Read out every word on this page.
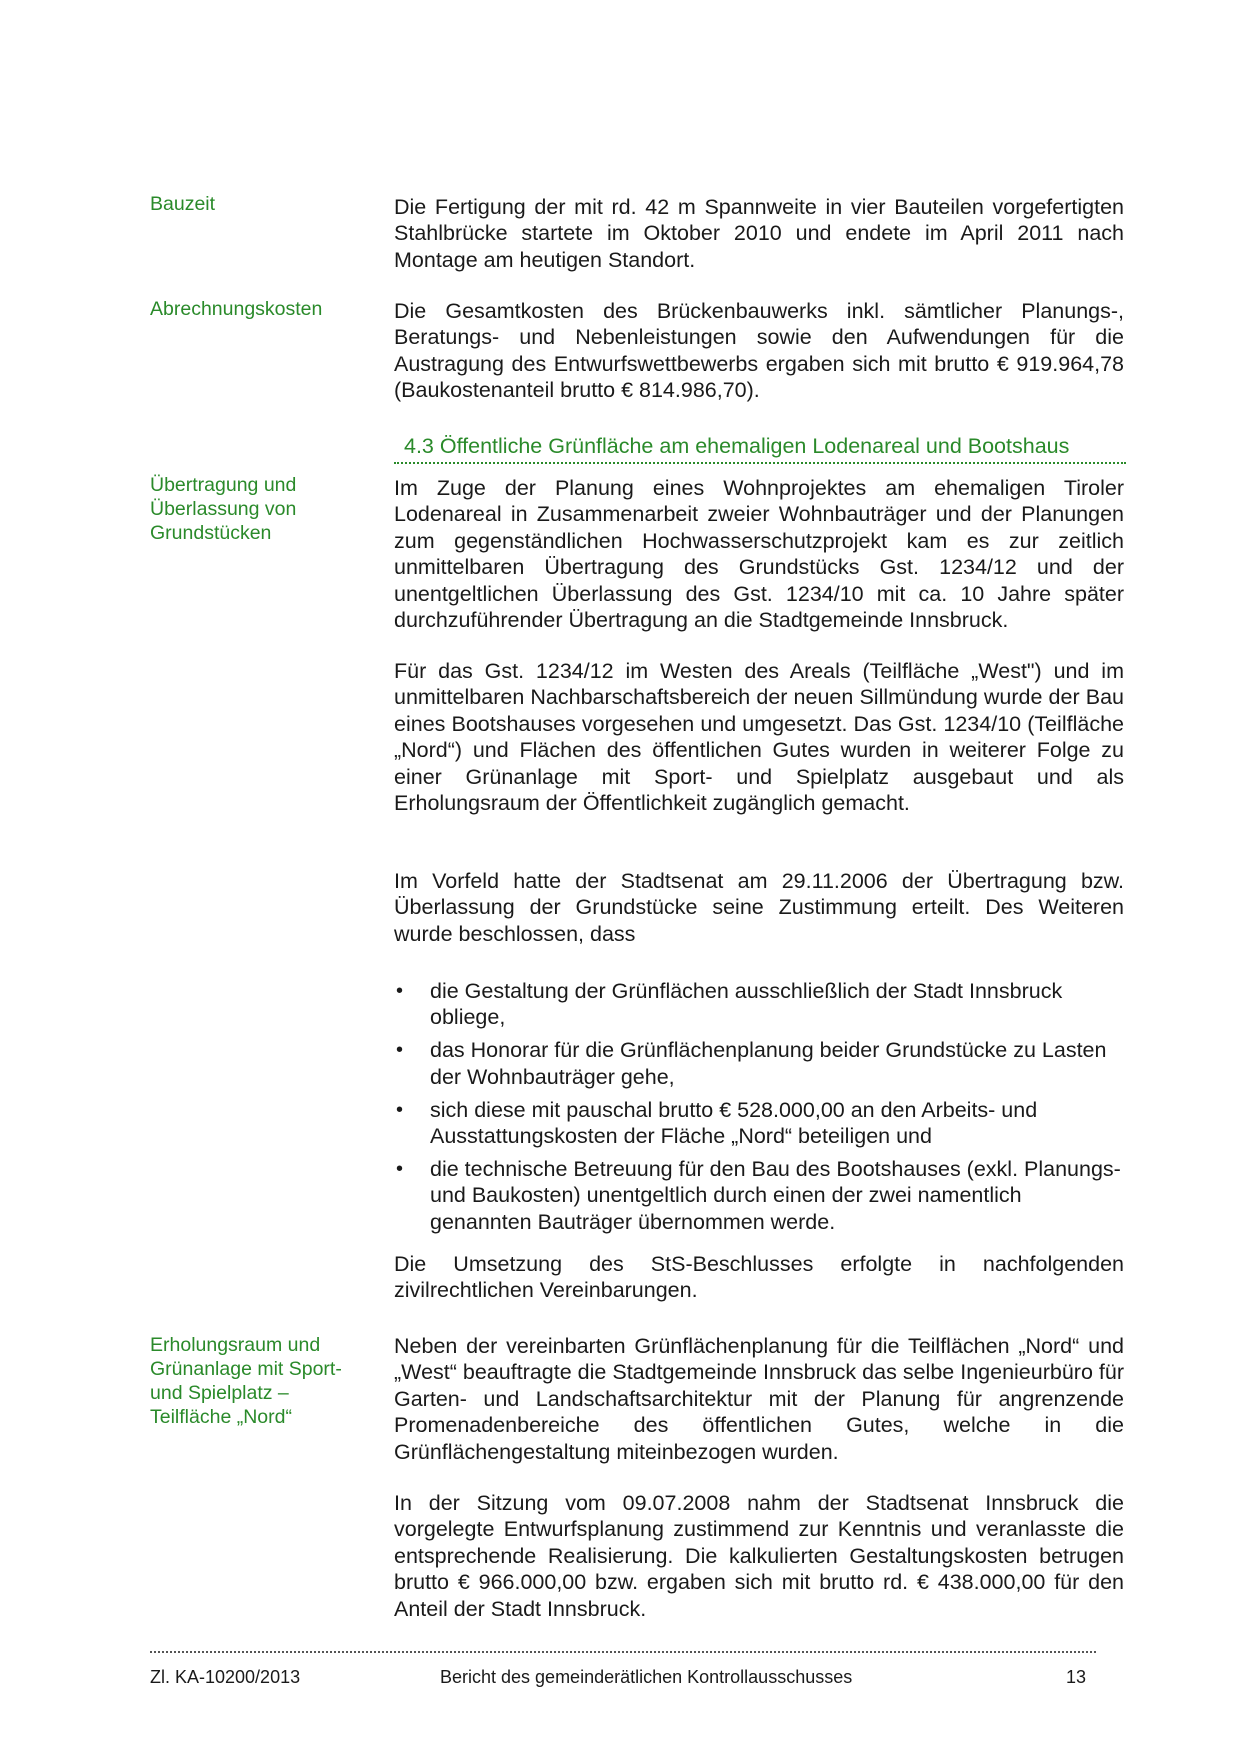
Bauzeit
Abrechnungskosten
Übertragung und
Überlassung von
Grundstücken
Erholungsraum und
Grünanlage mit Sport-
und Spielplatz –
Teilfläche „Nord“

Die Fertigung der mit rd. 42 m Spannweite in vier Bauteilen vorgefertigten Stahlbrücke startete im Oktober 2010 und endete im April 2011 nach Montage am heutigen Standort.

Die Gesamtkosten des Brückenbauwerks inkl. sämtlicher Planungs-, Beratungs- und Nebenleistungen sowie den Aufwendungen für die Austragung des Entwurfswettbewerbs ergaben sich mit brutto € 919.964,78 (Baukostenanteil brutto € 814.986,70).

4.3 Öffentliche Grünfläche am ehemaligen Lodenareal und Bootshaus

Im Zuge der Planung eines Wohnprojektes am ehemaligen Tiroler Lodenareal in Zusammenarbeit zweier Wohnbauträger und der Planungen zum gegenständlichen Hochwasserschutzprojekt kam es zur zeitlich unmittelbaren Übertragung des Grundstücks Gst. 1234/12 und der unentgeltlichen Überlassung des Gst. 1234/10 mit ca. 10 Jahre später durchzuführender Übertragung an die Stadtgemeinde Innsbruck.

Für das Gst. 1234/12 im Westen des Areals (Teilfläche „West") und im unmittelbaren Nachbarschaftsbereich der neuen Sillmündung wurde der Bau eines Bootshauses vorgesehen und umgesetzt. Das Gst. 1234/10 (Teilfläche „Nord“) und Flächen des öffentlichen Gutes wurden in weiterer Folge zu einer Grünanlage mit Sport- und Spielplatz ausgebaut und als Erholungsraum der Öffentlichkeit zugänglich gemacht.

Im Vorfeld hatte der Stadtsenat am 29.11.2006 der Übertragung bzw. Überlassung der Grundstücke seine Zustimmung erteilt. Des Weiteren wurde beschlossen, dass

• die Gestaltung der Grünflächen ausschließlich der Stadt Innsbruck obliege,
• das Honorar für die Grünflächenplanung beider Grundstücke zu Lasten der Wohnbauträger gehe,
• sich diese mit pauschal brutto € 528.000,00 an den Arbeits- und Ausstattungskosten der Fläche „Nord“ beteiligen und
• die technische Betreuung für den Bau des Bootshauses (exkl. Planungs- und Baukosten) unentgeltlich durch einen der zwei namentlich genannten Bauträger übernommen werde.

Die Umsetzung des StS-Beschlusses erfolgte in nachfolgenden zivilrechtlichen Vereinbarungen.

Neben der vereinbarten Grünflächenplanung für die Teilflächen „Nord“ und „West“ beauftragte die Stadtgemeinde Innsbruck das selbe Ingenieurbüro für Garten- und Landschaftsarchitektur mit der Planung für angrenzende Promenadenbereiche des öffentlichen Gutes, welche in die Grünflächengestaltung miteinbezogen wurden.

In der Sitzung vom 09.07.2008 nahm der Stadtsenat Innsbruck die vorgelegte Entwurfsplanung zustimmend zur Kenntnis und veranlasste die entsprechende Realisierung. Die kalkulierten Gestaltungskosten betrugen brutto € 966.000,00 bzw. ergaben sich mit brutto rd. € 438.000,00 für den Anteil der Stadt Innsbruck.

Zl. KA-10200/2013	Bericht des gemeinderätlichen Kontrollausschusses	13
